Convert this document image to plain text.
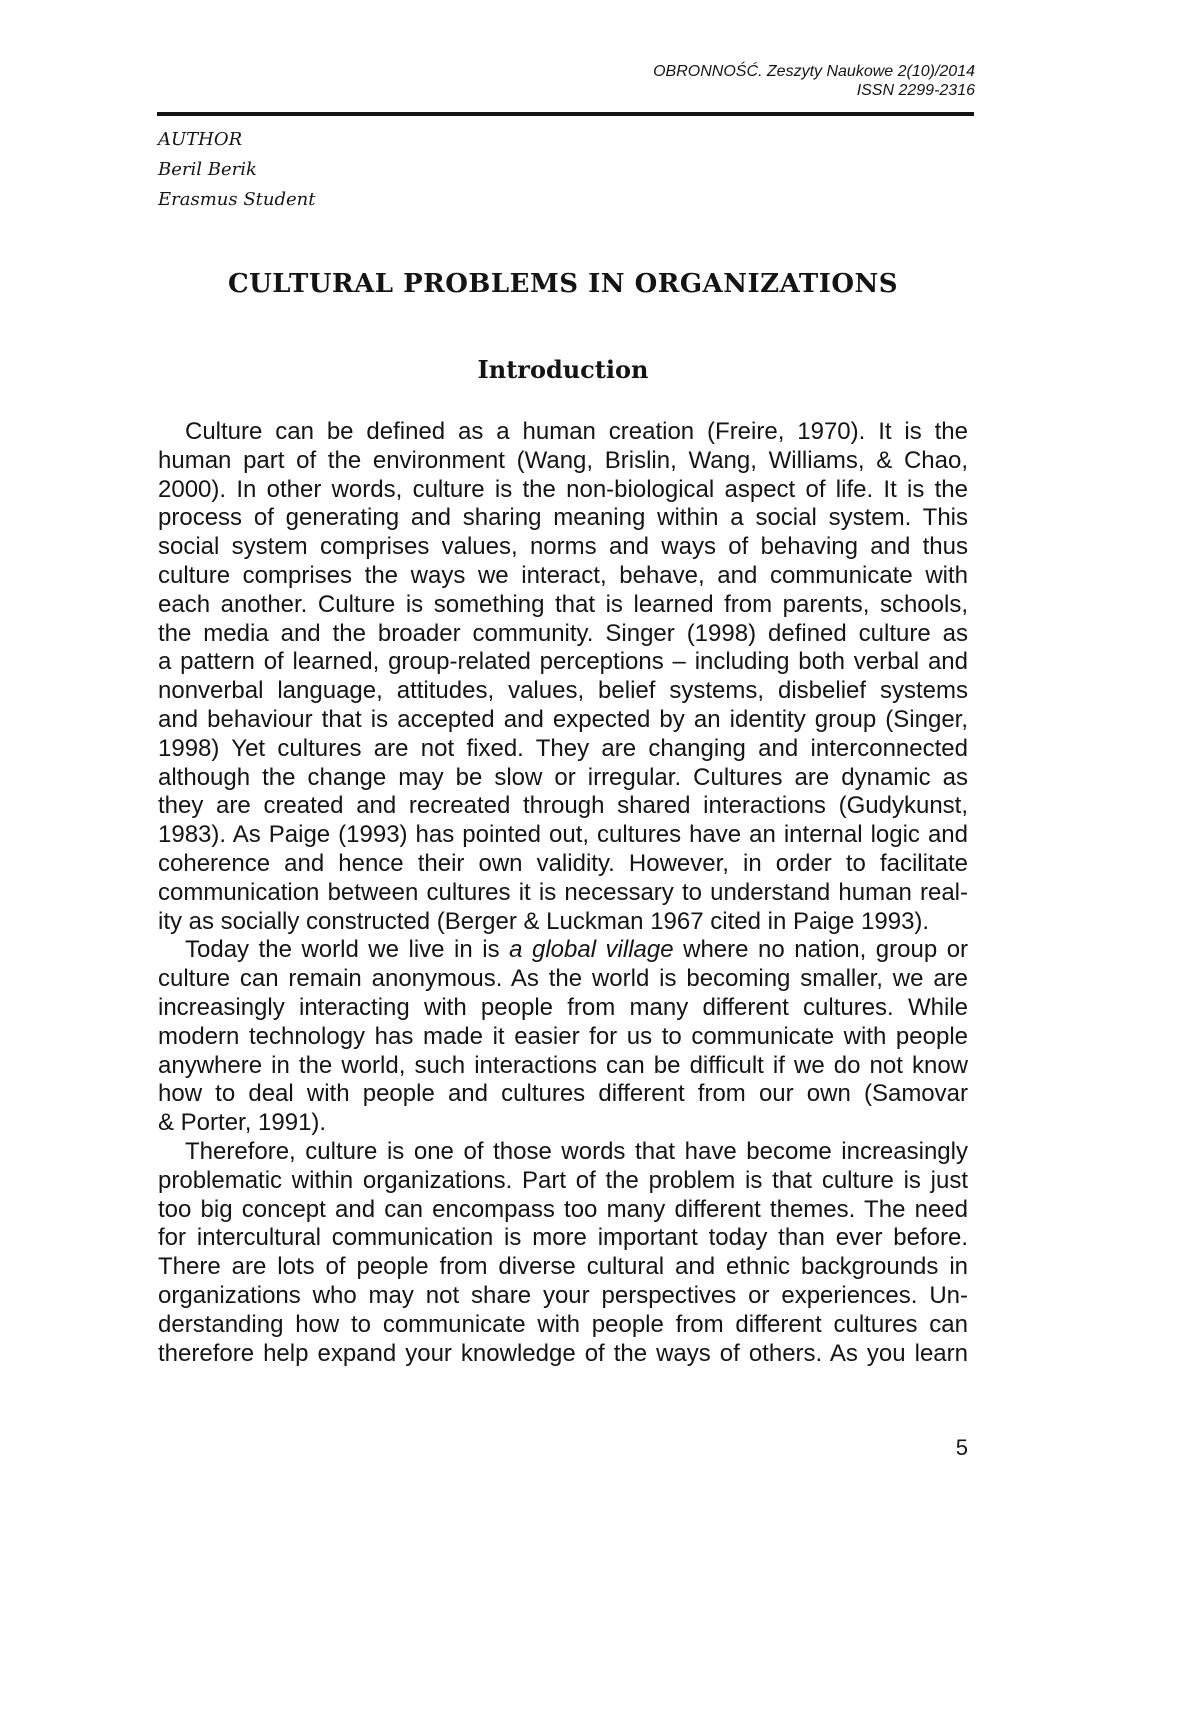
OBRONNOŚĆ. Zeszyty Naukowe 2(10)/2014
ISSN 2299-2316
AUTHOR
Beril Berik
Erasmus Student
CULTURAL PROBLEMS IN ORGANIZATIONS
Introduction
Culture can be defined as a human creation (Freire, 1970). It is the
human part of the environment (Wang, Brislin, Wang, Williams, & Chao,
2000). In other words, culture is the non-biological aspect of life. It is the
process of generating and sharing meaning within a social system. This
social system comprises values, norms and ways of behaving and thus
culture comprises the ways we interact, behave, and communicate with
each another. Culture is something that is learned from parents, schools,
the media and the broader community. Singer (1998) defined culture as
a pattern of learned, group-related perceptions – including both verbal and
nonverbal language, attitudes, values, belief systems, disbelief systems
and behaviour that is accepted and expected by an identity group (Singer,
1998) Yet cultures are not fixed. They are changing and interconnected
although the change may be slow or irregular. Cultures are dynamic as
they are created and recreated through shared interactions (Gudykunst,
1983). As Paige (1993) has pointed out, cultures have an internal logic and
coherence and hence their own validity. However, in order to facilitate
communication between cultures it is necessary to understand human real-
ity as socially constructed (Berger & Luckman 1967 cited in Paige 1993).
Today the world we live in is a global village where no nation, group or
culture can remain anonymous. As the world is becoming smaller, we are
increasingly interacting with people from many different cultures. While
modern technology has made it easier for us to communicate with people
anywhere in the world, such interactions can be difficult if we do not know
how to deal with people and cultures different from our own (Samovar
& Porter, 1991).
Therefore, culture is one of those words that have become increasingly
problematic within organizations. Part of the problem is that culture is just
too big concept and can encompass too many different themes. The need
for intercultural communication is more important today than ever before.
There are lots of people from diverse cultural and ethnic backgrounds in
organizations who may not share your perspectives or experiences. Un-
derstanding how to communicate with people from different cultures can
therefore help expand your knowledge of the ways of others. As you learn
5
